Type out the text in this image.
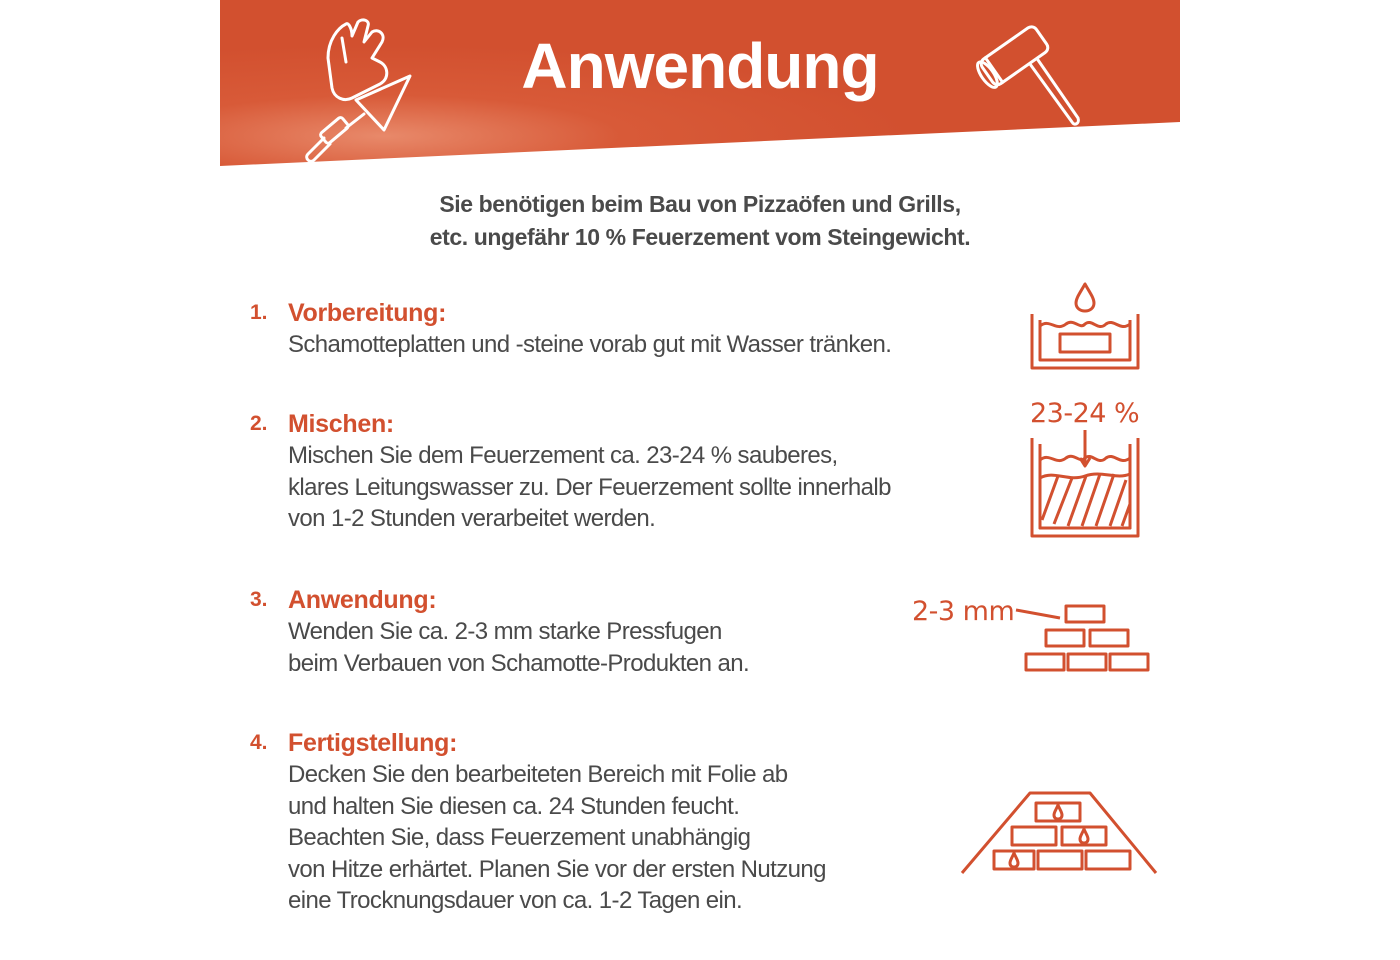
Anwendung
Sie benötigen beim Bau von Pizzaöfen und Grills,
etc. ungefähr 10 % Feuerzement vom Steingewicht.
1. Vorbereitung:
Schamotteplatten und -steine vorab gut mit Wasser tränken.
2. Mischen:
Mischen Sie dem Feuerzement ca. 23-24 % sauberes,
klares Leitungswasser zu. Der Feuerzement sollte innerhalb
von 1-2 Stunden verarbeitet werden.
3. Anwendung:
Wenden Sie ca. 2-3 mm starke Pressfugen
beim Verbauen von Schamotte-Produkten an.
4. Fertigstellung:
Decken Sie den bearbeiteten Bereich mit Folie ab
und halten Sie diesen ca. 24 Stunden feucht.
Beachten Sie, dass Feuerzement unabhängig
von Hitze erhärtet. Planen Sie vor der ersten Nutzung
eine Trocknungsdauer von ca. 1-2 Tagen ein.
23-24 %
2-3 mm
